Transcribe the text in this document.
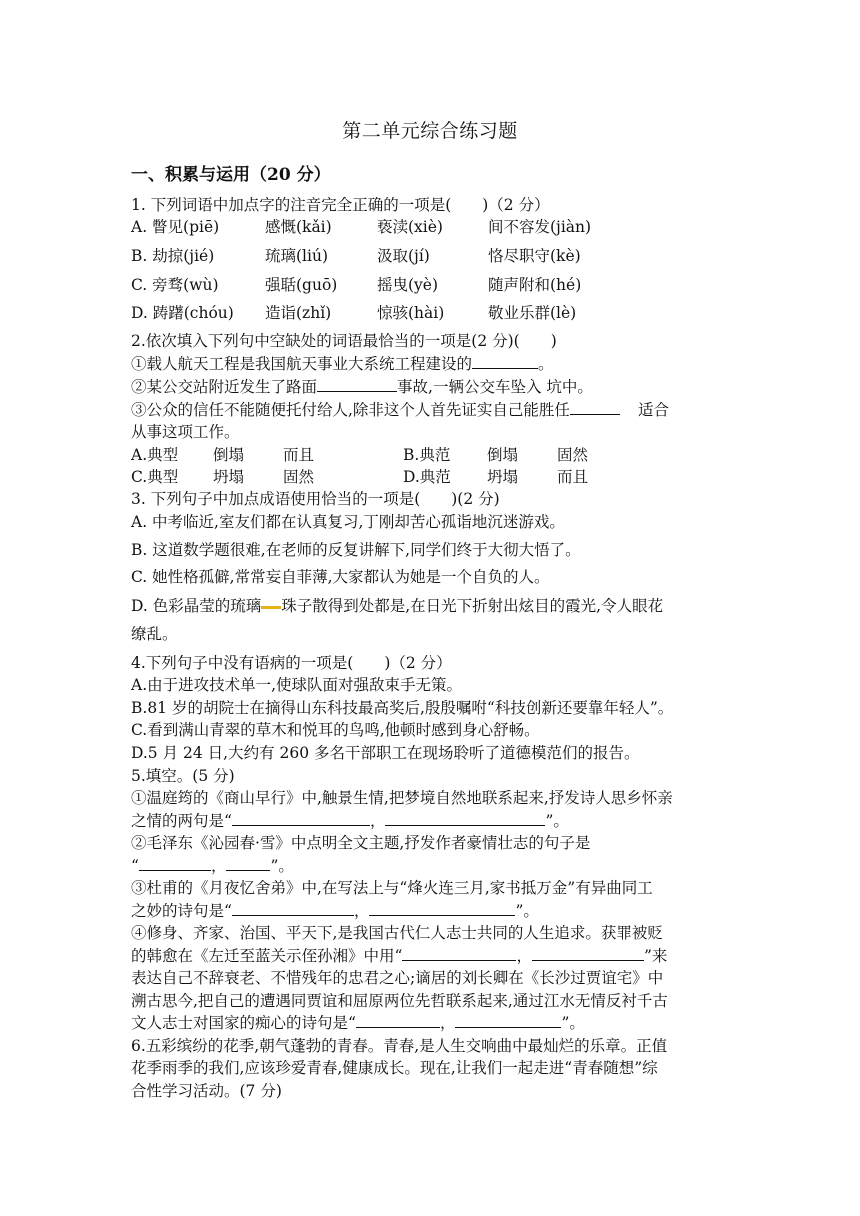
第二单元综合练习题
一、积累与运用（20 分）
1. 下列词语中加点字的注音完全正确的一项是(　　)（2 分）
A. 瞥见(piē)	感慨(kǎi)	亵渎(xiè)	间不容发(jiàn)
B. 劫掠(jié)	琉璃(liú)	汲取(jí)	恪尽职守(kè)
C. 旁骛(wù)	强聒(guō)	摇曳(yè)	随声附和(hé)
D. 踌躇(chóu) 造诣(zhǐ)	惊骇(hài)	敬业乐群(lè)
2.依次填入下列句中空缺处的词语最恰当的一项是(2 分)(　　)
①载人航天工程是我国航天事业大系统工程建设的	。
②某公交站附近发生了路面	事故,一辆公交车坠入 坑中。
③公众的信任不能随便托付给人,除非这个人首先证实自己能胜任	适合
从事这项工作。
A.典型 倒塌	而且	B.典范 倒塌	固然
C.典型 坍塌	固然	D.典范 坍塌	而且
3. 下列句子中加点成语使用恰当的一项是(　　)(2 分)
A. 中考临近,室友们都在认真复习,丁刚却苦心孤诣地沉迷游戏。
B. 这道数学题很难,在老师的反复讲解下,同学们终于大彻大悟了。
C. 她性格孤僻,常常妄自菲薄,大家都认为她是一个自负的人。
D. 色彩晶莹的琉璃 珠子散得到处都是,在日光下折射出炫目的霞光,令人眼花
缭乱。
4.下列句子中没有语病的一项是(　　)（2 分）
A.由于进攻技术单一,使球队面对强敌束手无策。
B.81 岁的胡院士在摘得山东科技最高奖后,殷殷嘱咐“科技创新还要靠年轻人”。
C.看到满山青翠的草木和悦耳的鸟鸣,他顿时感到身心舒畅。
D.5 月 24 日,大约有 260 多名干部职工在现场聆听了道德模范们的报告。
5.填空。(5 分)
①温庭筠的《商山早行》中,触景生情,把梦境自然地联系起来,抒发诗人思乡怀亲
之情的两句是“	，	”。
②毛泽东《沁园春·雪》中点明全文主题,抒发作者豪情壮志的句子是
“	，	”。
③杜甫的《月夜忆舍弟》中,在写法上与“烽火连三月,家书抵万金”有异曲同工
之妙的诗句是“	，	”。
④修身、齐家、治国、平天下,是我国古代仁人志士共同的人生追求。获罪被贬
的韩愈在《左迁至蓝关示侄孙湘》中用“	，	”来
表达自己不辞衰老、不惜残年的忠君之心;谪居的刘长卿在《长沙过贾谊宅》中
溯古思今,把自己的遭遇同贾谊和屈原两位先哲联系起来,通过江水无情反衬千古
文人志士对国家的痴心的诗句是“	，	”。
6.五彩缤纷的花季,朝气蓬勃的青春。青春,是人生交响曲中最灿烂的乐章。正值
花季雨季的我们,应该珍爱青春,健康成长。现在,让我们一起走进“青春随想”综
合性学习活动。(7 分)
